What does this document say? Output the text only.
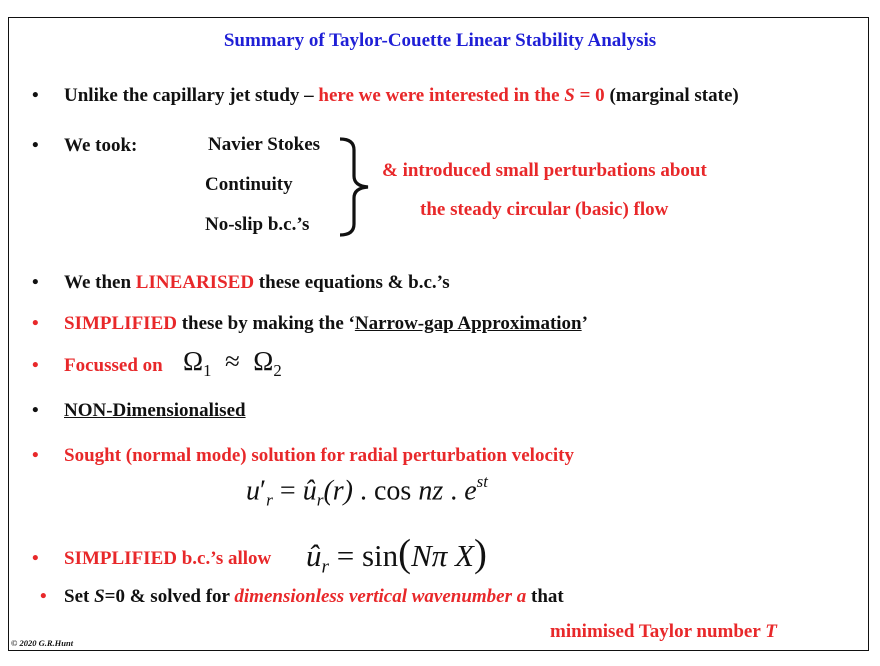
Summary of Taylor-Couette Linear Stability Analysis
• Unlike the capillary jet study – here we were interested in the S = 0 (marginal state)
• We took:	Navier Stokes
Continuity
No-slip b.c.’s
& introduced small perturbations about
the steady circular (basic) flow
• We then LINEARISED these equations & b.c.’s
• SIMPLIFIED these by making the ‘Narrow-gap Approximation’
• Focussed on $\Omega_1 \approx \Omega_2$
• NON-Dimensionalised
• Sought (normal mode) solution for radial perturbation velocity
$u'_r$ = $û_r(r)$ . cos nz . $e^{st}$
• SIMPLIFIED b.c.’s allow $û_r = \sin(N\pi$ X)
• Set S=0 & solved for dimensionless vertical wavenumber a that
minimised Taylor number T
© 2020 G.R.Hunt
